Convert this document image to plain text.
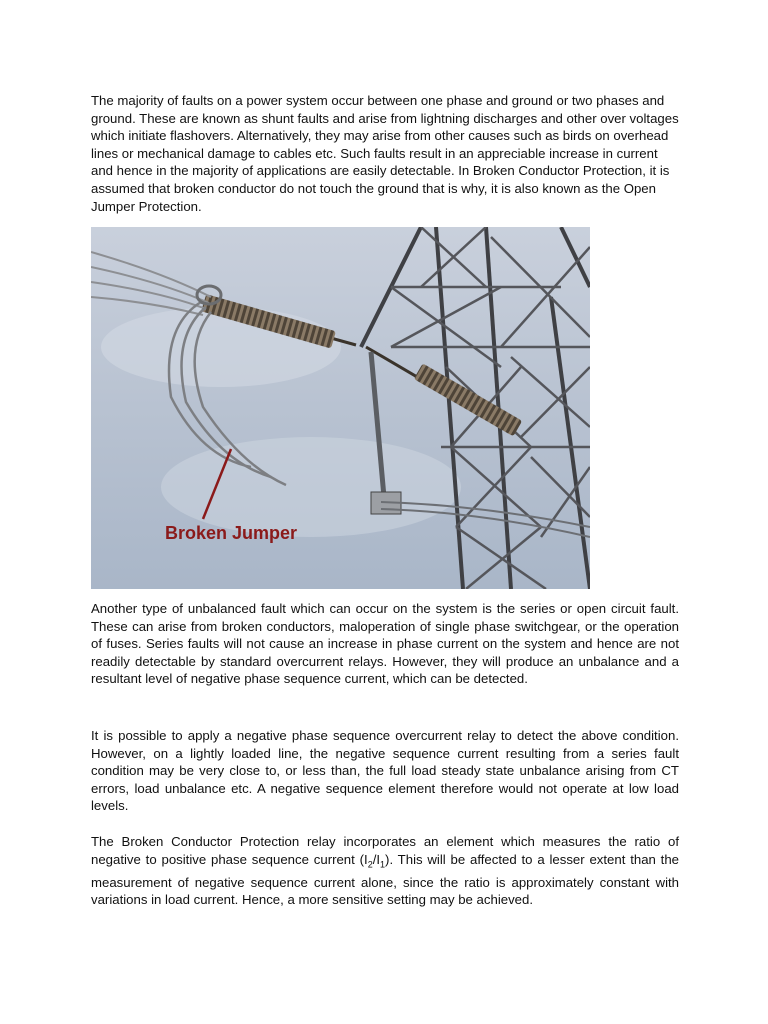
The majority of faults on a power system occur between one phase and ground or two phases and ground. These are known as shunt faults and arise from lightning discharges and other over voltages which initiate flashovers. Alternatively, they may arise from other causes such as birds on overhead lines or mechanical damage to cables etc. Such faults result in an appreciable increase in current and hence in the majority of applications are easily detectable. In Broken Conductor Protection, it is assumed that broken conductor do not touch the ground that is why, it is also known as the Open Jumper Protection.

Broken Jumper

Another type of unbalanced fault which can occur on the system is the series or open circuit fault. These can arise from broken conductors, maloperation of single phase switchgear, or the operation of fuses. Series faults will not cause an increase in phase current on the system and hence are not readily detectable by standard overcurrent relays. However, they will produce an unbalance and a resultant level of negative phase sequence current, which can be detected.

It is possible to apply a negative phase sequence overcurrent relay to detect the above condition. However, on a lightly loaded line, the negative sequence current resulting from a series fault condition may be very close to, or less than, the full load steady state unbalance arising from CT errors, load unbalance etc. A negative sequence element therefore would not operate at low load levels.

The Broken Conductor Protection relay incorporates an element which measures the ratio of negative to positive phase sequence current $(I_2/I_1)$. This will be affected to a lesser extent than the measurement of negative sequence current alone, since the ratio is approximately constant with variations in load current. Hence, a more sensitive setting may be achieved.
